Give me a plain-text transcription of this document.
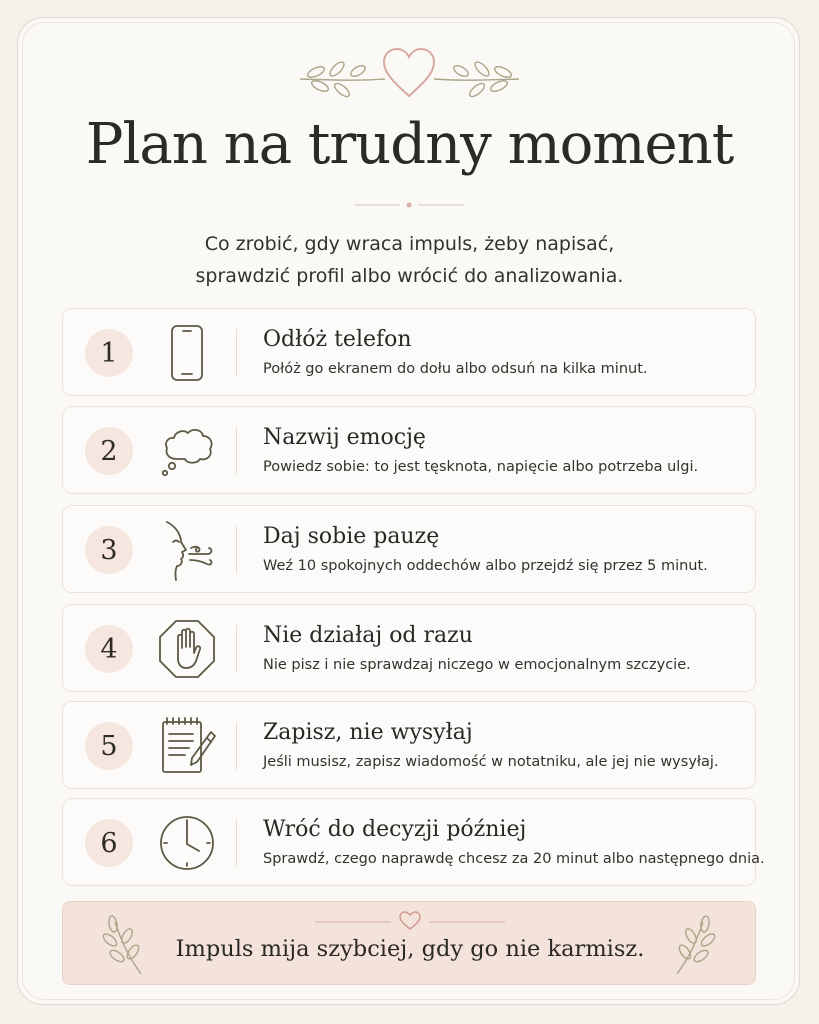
Plan na trudny moment
Co zrobić, gdy wraca impuls, żeby napisać,
sprawdzić profil albo wrócić do analizowania.
1	Odłóż telefon
Połóż go ekranem do dołu albo odsuń na kilka minut.
2	Nazwij emocję
Powiedz sobie: to jest tęsknota, napięcie albo potrzeba ulgi.
3	Daj sobie pauzę
Weź 10 spokojnych oddechów albo przejdź się przez 5 minut.
4	Nie działaj od razu
Nie pisz i nie sprawdzaj niczego w emocjonalnym szczycie.
5	Zapisz, nie wysyłaj
Jeśli musisz, zapisz wiadomość w notatniku, ale jej nie wysyłaj.
6	Wróć do decyzji później
Sprawdź, czego naprawdę chcesz za 20 minut albo następnego dnia.
Impuls mija szybciej, gdy go nie karmisz.
